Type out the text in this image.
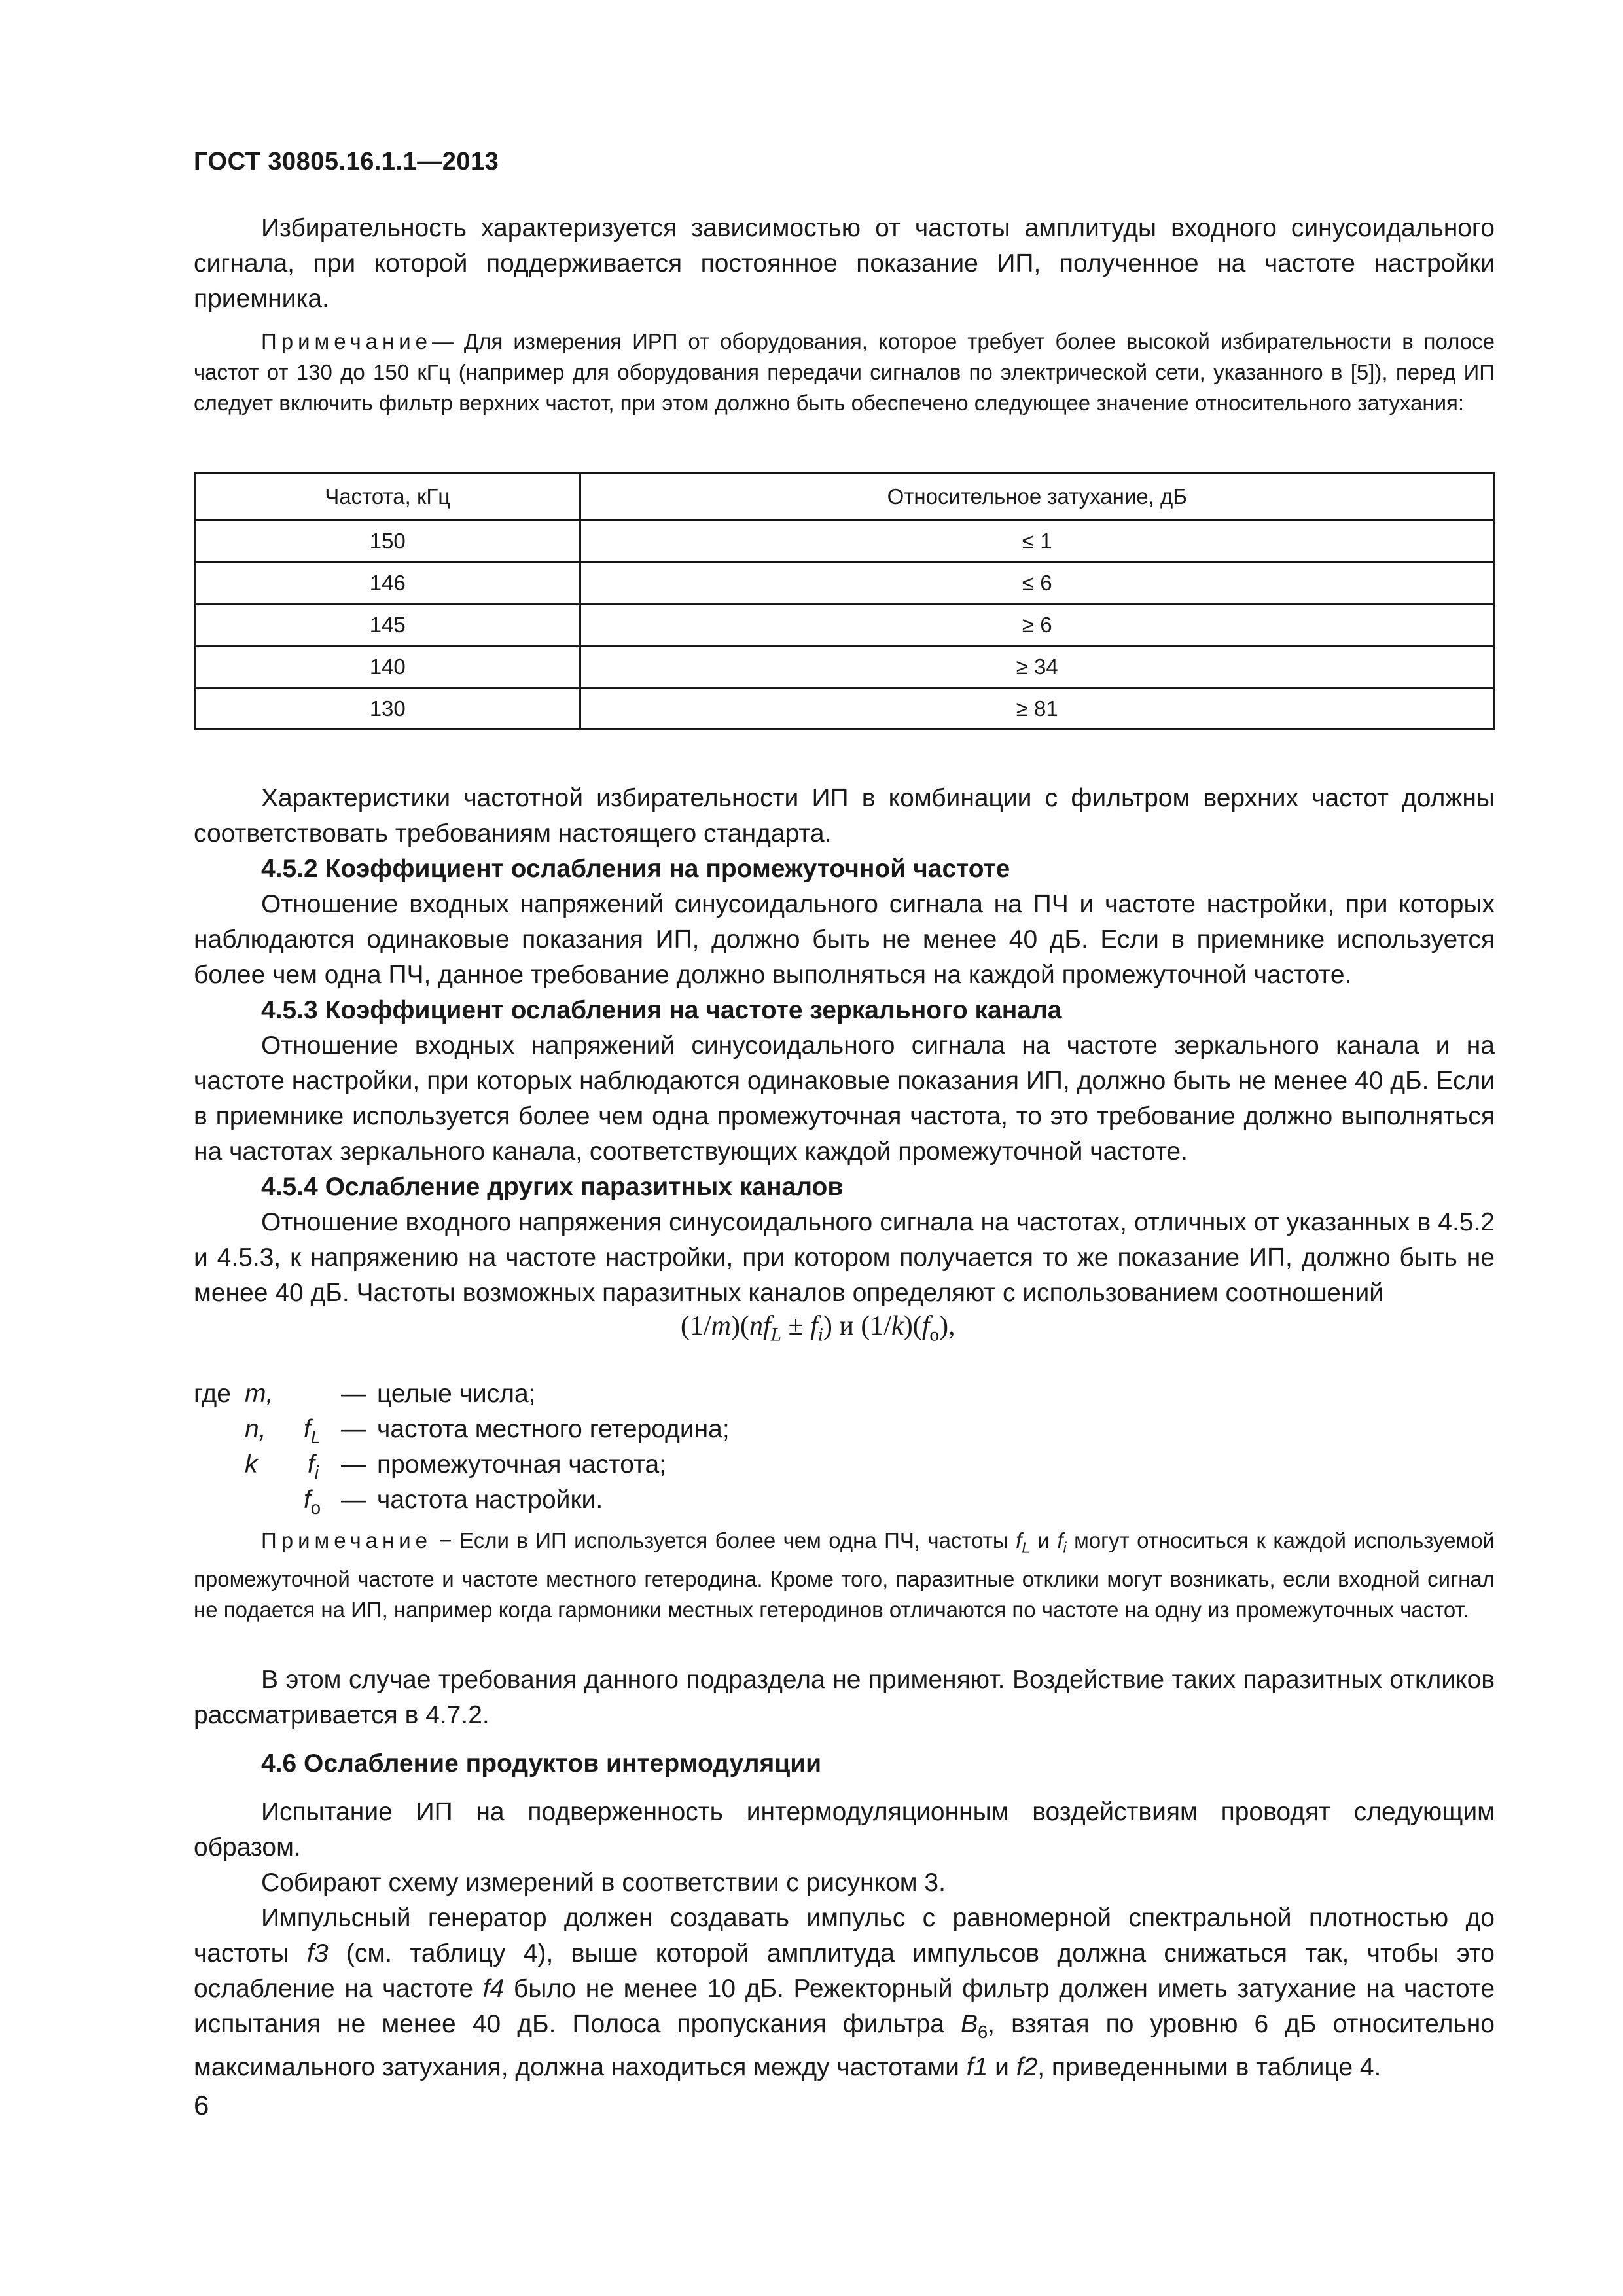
ГОСТ 30805.16.1.1—2013

Избирательность характеризуется зависимостью от частоты амплитуды входного синусоидального сигнала, при которой поддерживается постоянное показание ИП, полученное на частоте настройки приемника.

Примечание— Для измерения ИРП от оборудования, которое требует более высокой избирательности в полосе частот от 130 до 150 кГц (например для оборудования передачи сигналов по электрической сети, указанного в [5]), перед ИП следует включить фильтр верхних частот, при этом должно быть обеспечено следующее значение относительного затухания:

Частота, кГц	Относительное затухание, дБ
150	≤ 1
146	≤ 6
145	≥ 6
140	≥ 34
130	≥ 81

Характеристики частотной избирательности ИП в комбинации с фильтром верхних частот должны соответствовать требованиям настоящего стандарта.

4.5.2 Коэффициент ослабления на промежуточной частоте

Отношение входных напряжений синусоидального сигнала на ПЧ и частоте настройки, при которых наблюдаются одинаковые показания ИП, должно быть не менее 40 дБ. Если в приемнике используется более чем одна ПЧ, данное требование должно выполняться на каждой промежуточной частоте.

4.5.3 Коэффициент ослабления на частоте зеркального канала

Отношение входных напряжений синусоидального сигнала на частоте зеркального канала и на частоте настройки, при которых наблюдаются одинаковые показания ИП, должно быть не менее 40 дБ. Если в приемнике используется более чем одна промежуточная частота, то это требование должно выполняться на частотах зеркального канала, соответствующих каждой промежуточной частоте.

4.5.4 Ослабление других паразитных каналов

Отношение входного напряжения синусоидального сигнала на частотах, отличных от указанных в 4.5.2 и 4.5.3, к напряжению на частоте настройки, при котором получается то же показание ИП, должно быть не менее 40 дБ. Частоты возможных паразитных каналов определяют с использованием соотношений

$(1/m)(nf_L \pm f_i)$ и $(1/k)(f_o)$,
где m, n, k
— целые числа;
$f_L$ — частота местного гетеродина;
$f_i$ — промежуточная частота;
$f_o$ — частота настройки.

Примечание − Если в ИП используется более чем одна ПЧ, частоты $f_L$ и $f_i$ могут относиться к каждой используемой промежуточной частоте и частоте местного гетеродина. Кроме того, паразитные отклики могут возникать, если входной сигнал не подается на ИП, например когда гармоники местных гетеродинов отличаются по частоте на одну из промежуточных частот.

В этом случае требования данного подраздела не применяют. Воздействие таких паразитных откликов рассматривается в 4.7.2.

4.6 Ослабление продуктов интермодуляции

Испытание ИП на подверженность интермодуляционным воздействиям проводят следующим образом.

Собирают схему измерений в соответствии с рисунком 3.

Импульсный генератор должен создавать импульс с равномерной спектральной плотностью до частоты f3 (см. таблицу 4), выше которой амплитуда импульсов должна снижаться так, чтобы это ослабление на частоте f4 было не менее 10 дБ. Режекторный фильтр должен иметь затухание на частоте испытания не менее 40 дБ. Полоса пропускания фильтра $B_6$, взятая по уровню 6 дБ относительно максимального затухания, должна находиться между частотами f1 и f2, приведенными в таблице 4.

6
